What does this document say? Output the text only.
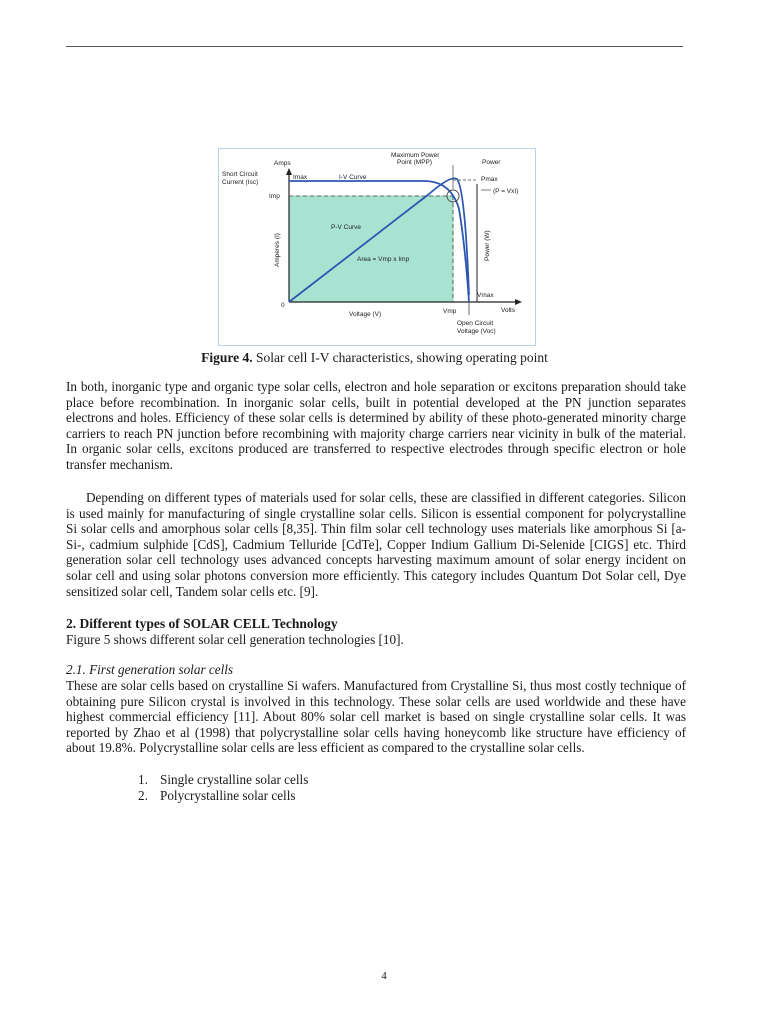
Amps
Short Circuit
Current (Isc)
Imax
Imp
I-V Curve
Maximum Power
Point (MPP)	Power
Pmax
(P = VxI)
P-V Curve
Area = Vmp x Imp
Amperes (I)	Power (W)
0
Voltage (V)	Vmp
Vmax
Volts
Open Circuit
Voltage (Voc)
Figure 4. Solar cell I-V characteristics, showing operating point

In both, inorganic type and organic type solar cells, electron and hole separation or excitons preparation should take place before recombination. In inorganic solar cells, built in potential developed at the PN junction separates electrons and holes. Efficiency of these solar cells is determined by ability of these photo-generated minority charge carriers to reach PN junction before recombining with majority charge carriers near vicinity in bulk of the material. In organic solar cells, excitons produced are transferred to respective electrodes through specific electron or hole transfer mechanism.

Depending on different types of materials used for solar cells, these are classified in different categories. Silicon is used mainly for manufacturing of single crystalline solar cells. Silicon is essential component for polycrystalline Si solar cells and amorphous solar cells [8,35]. Thin film solar cell technology uses materials like amorphous Si [a-Si-, cadmium sulphide [CdS], Cadmium Telluride [CdTe], Copper Indium Gallium Di-Selenide [CIGS] etc. Third generation solar cell technology uses advanced concepts harvesting maximum amount of solar energy incident on solar cell and using solar photons conversion more efficiently. This category includes Quantum Dot Solar cell, Dye sensitized solar cell, Tandem solar cells etc. [9].

2. Different types of SOLAR CELL Technology

Figure 5 shows different solar cell generation technologies [10].

2.1. First generation solar cells

These are solar cells based on crystalline Si wafers. Manufactured from Crystalline Si, thus most costly technique of obtaining pure Silicon crystal is involved in this technology. These solar cells are used worldwide and these have highest commercial efficiency [11]. About 80% solar cell market is based on single crystalline solar cells. It was reported by Zhao et al (1998) that polycrystalline solar cells having honeycomb like structure have efficiency of about 19.8%. Polycrystalline solar cells are less efficient as compared to the crystalline solar cells.

1. Single crystalline solar cells
2. Polycrystalline solar cells
4
